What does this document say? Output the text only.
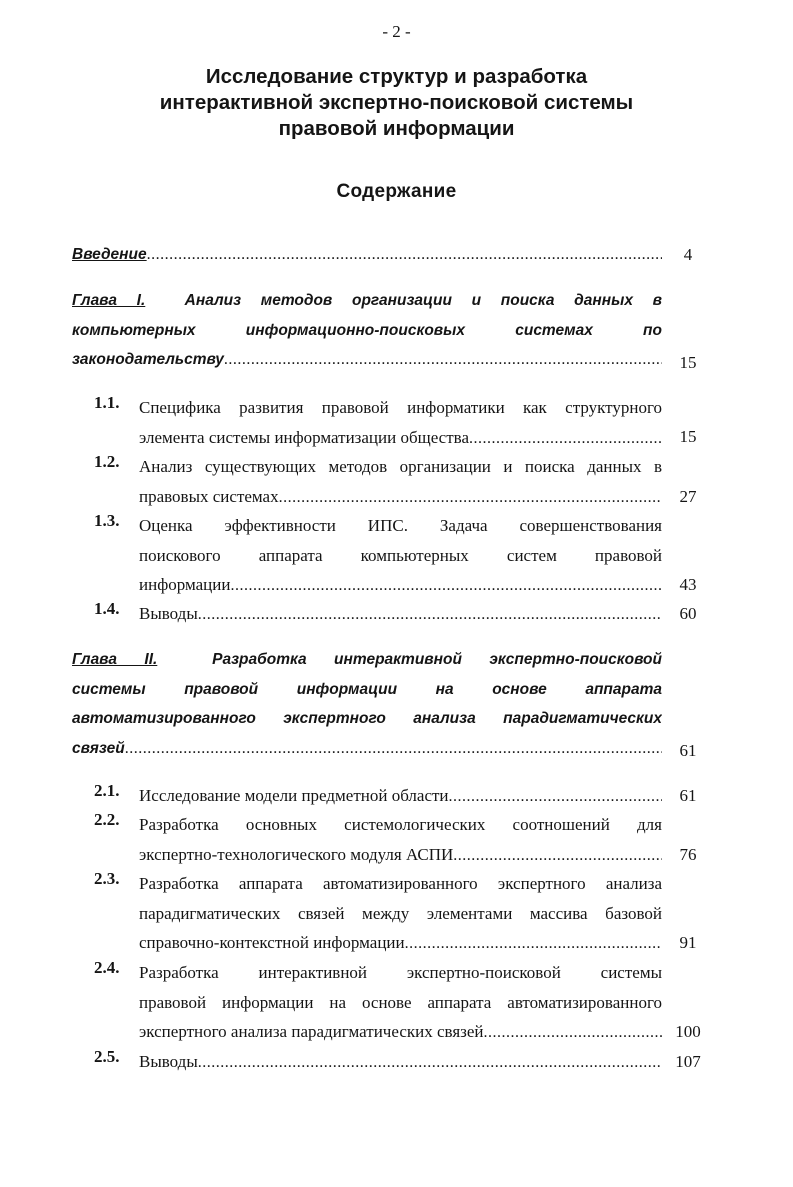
- 2 -
Исследование структур и разработка
интерактивной экспертно-поисковой системы
правовой информации
Содержание
Введение .....	4
Глава I.	Анализ методов организации и поиска данных в
компьютерных информационно-поисковых системах по
законодательству .....	15
1.1.	Специфика развития правовой информатики как структурного
элемента системы информатизации общества .....	15
1.2.	Анализ существующих методов организации и поиска данных в
правовых системах .....	27
1.3.	Оценка эффективности ИПС. Задача совершенствования
поискового аппарата компьютерных систем правовой
информации .....	43
1.4.	Выводы .....	60
Глава II.	Разработка интерактивной экспертно-поисковой
системы правовой информации на основе аппарата
автоматизированного экспертного анализа парадигматических
связей .....	61
2.1.	Исследование модели предметной области .....	61
2.2.	Разработка основных системологических соотношений для
экспертно-технологического модуля АСПИ .....	76
2.3.	Разработка аппарата автоматизированного экспертного анализа
парадигматических связей между элементами массива базовой
справочно-контекстной информации .....	91
2.4.	Разработка интерактивной экспертно-поисковой системы
правовой информации на основе аппарата автоматизированного
экспертного анализа парадигматических связей .....	100
2.5.	Выводы .....	107
